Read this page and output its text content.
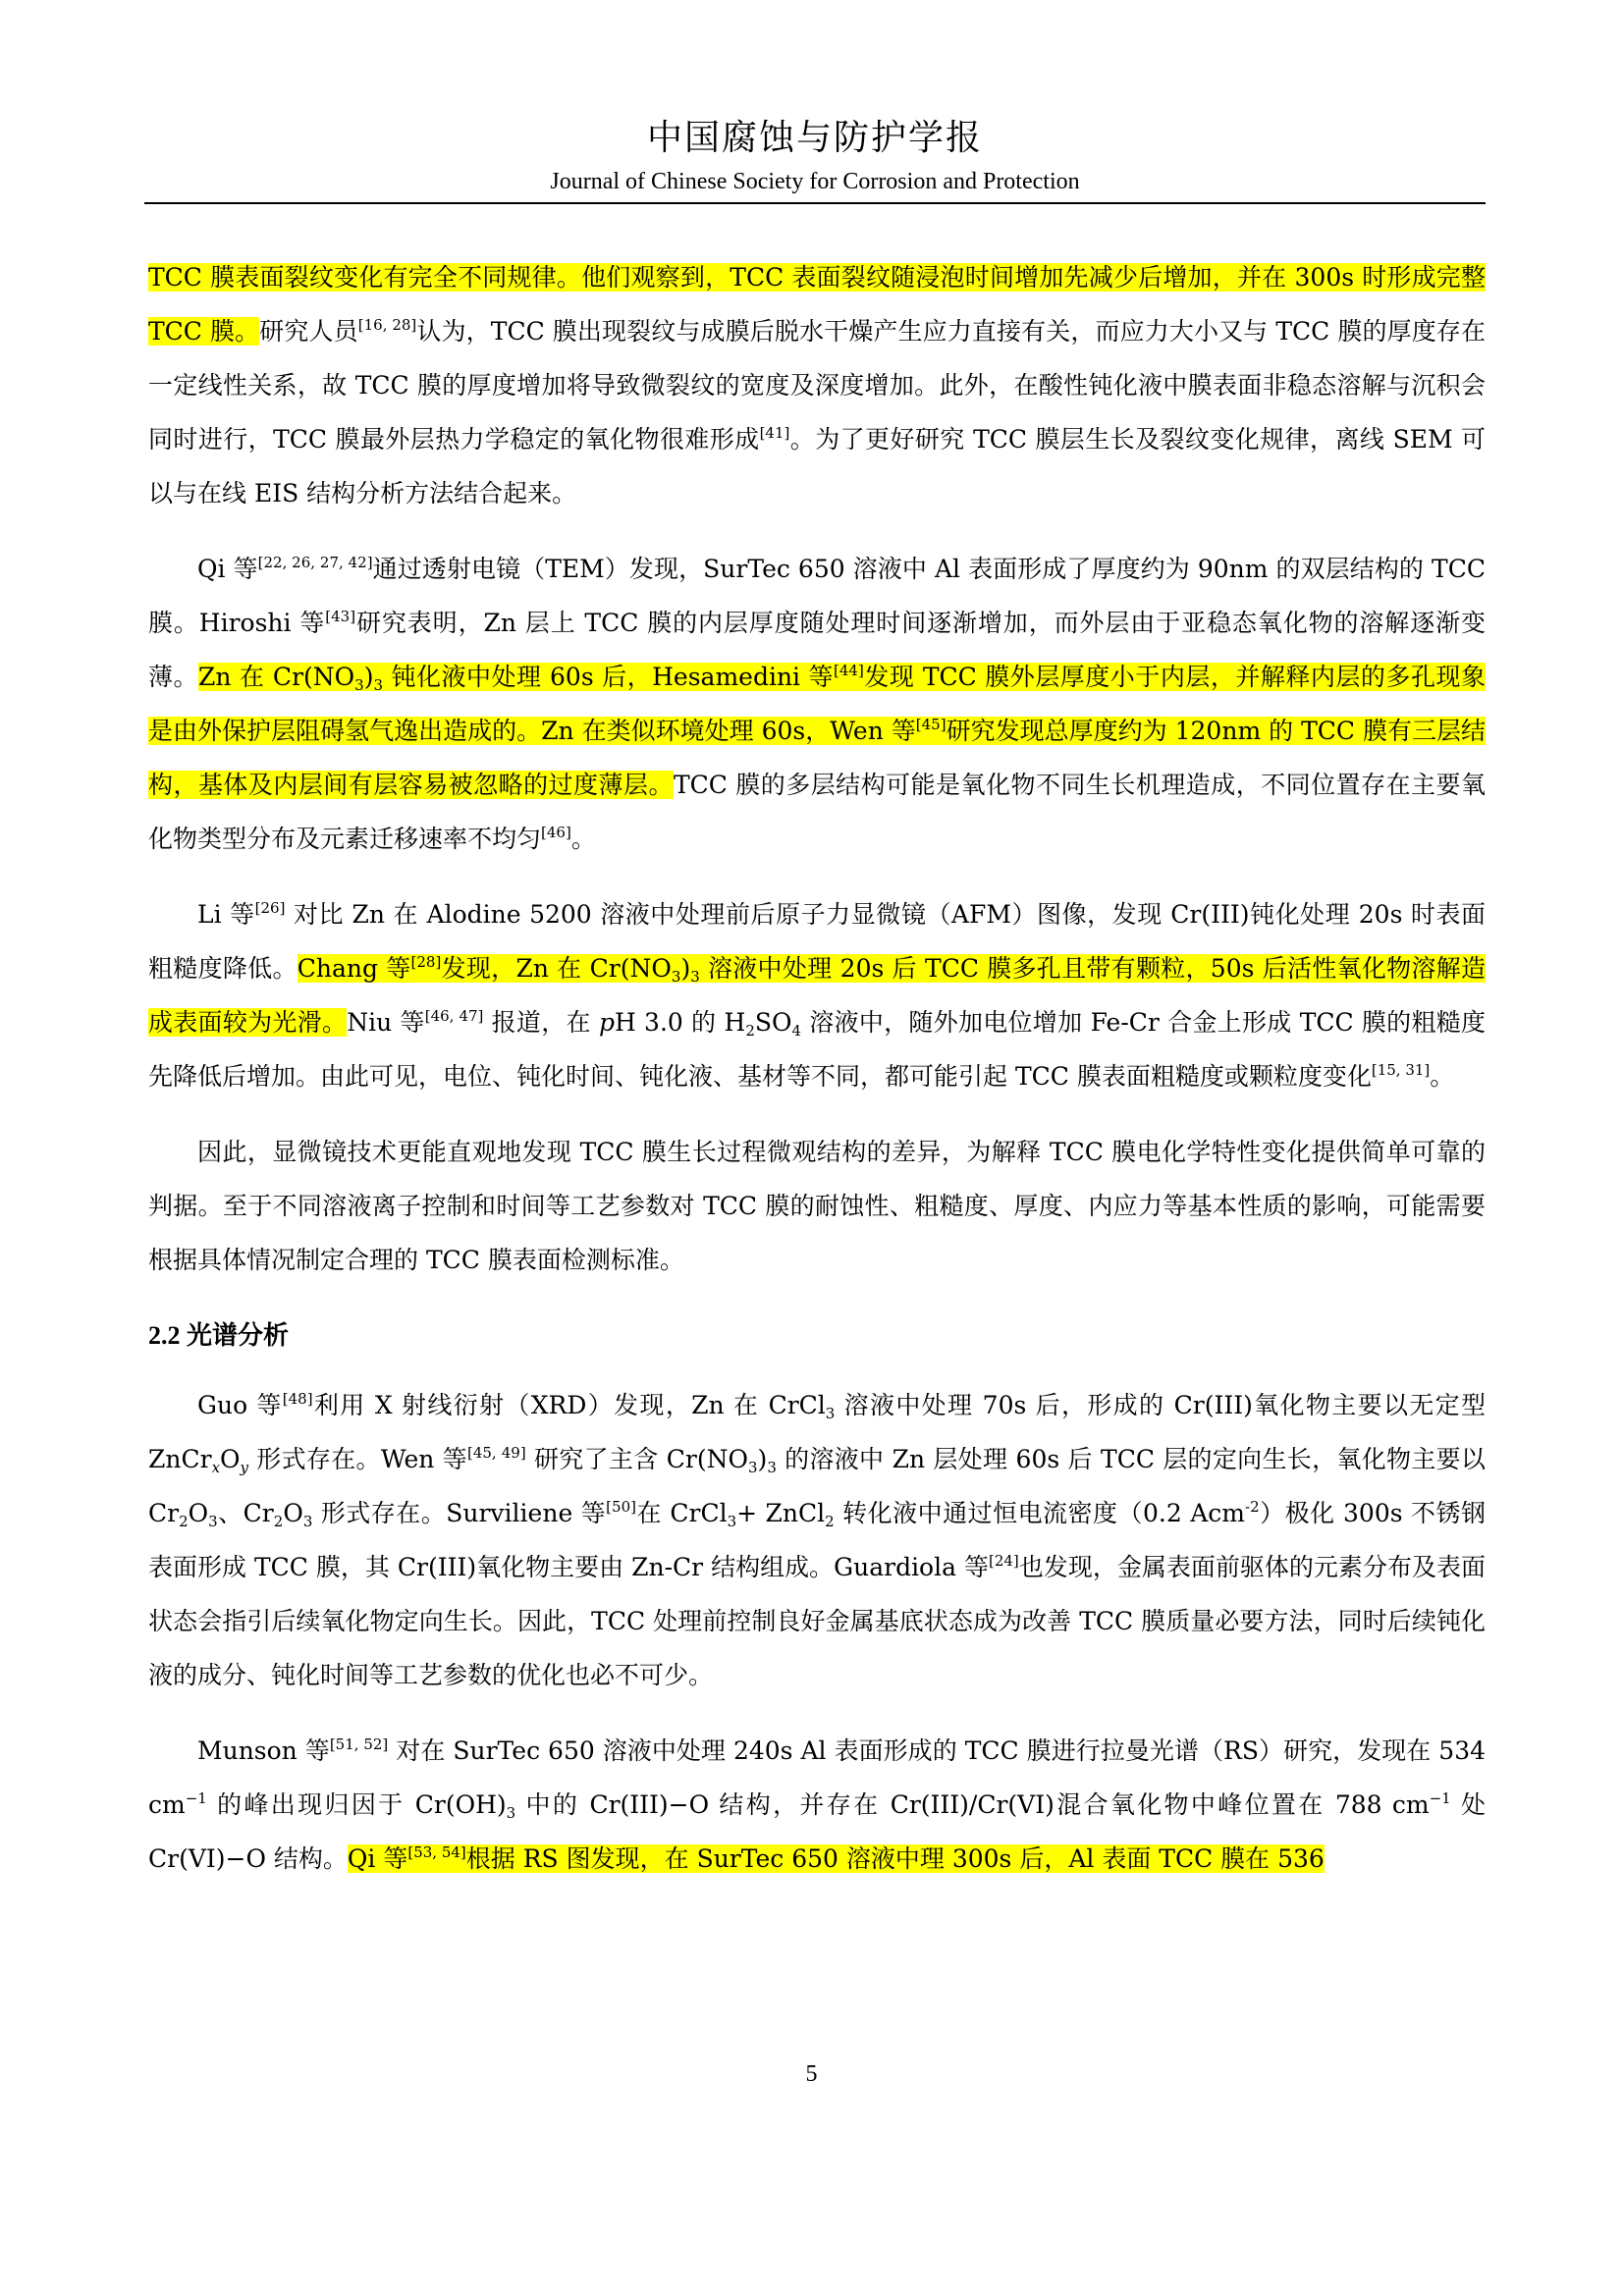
中国腐蚀与防护学报
Journal of Chinese Society for Corrosion and Protection

TCC 膜表面裂纹变化有完全不同规律。他们观察到，TCC 表面裂纹随浸泡时间增加先减少后增加，并在 300s 时形成完整 TCC 膜。研究人员[16, 28]认为，TCC 膜出现裂纹与成膜后脱水干燥产生应力直接有关，而应力大小又与 TCC 膜的厚度存在一定线性关系，故 TCC 膜的厚度增加将导致微裂纹的宽度及深度增加。此外，在酸性钝化液中膜表面非稳态溶解与沉积会同时进行，TCC 膜最外层热力学稳定的氧化物很难形成[41]。为了更好研究 TCC 膜层生长及裂纹变化规律，离线 SEM 可以与在线 EIS 结构分析方法结合起来。

Qi 等[22, 26, 27, 42]通过透射电镜（TEM）发现，SurTec 650 溶液中 Al 表面形成了厚度约为 90nm 的双层结构的 TCC 膜。Hiroshi 等[43]研究表明，Zn 层上 TCC 膜的内层厚度随处理时间逐渐增加，而外层由于亚稳态氧化物的溶解逐渐变薄。Zn 在 $Cr(NO_3)_3$ 钝化液中处理 60s 后，Hesamedini 等[44]发现 TCC 膜外层厚度小于内层，并解释内层的多孔现象是由外保护层阻碍氢气逸出造成的。Zn 在类似环境处理 60s，Wen 等[45]研究发现总厚度约为 120nm 的 TCC 膜有三层结构，基体及内层间有层容易被忽略的过度薄层。TCC 膜的多层结构可能是氧化物不同生长机理造成，不同位置存在主要氧化物类型分布及元素迁移速率不均匀[46]。

Li 等[26] 对比 Zn 在 Alodine 5200 溶液中处理前后原子力显微镜（AFM）图像，发现 Cr(III)钝化处理 20s 时表面粗糙度降低。Chang 等[28]发现，Zn 在 $Cr(NO_3)_3$ 溶液中处理 20s 后 TCC 膜多孔且带有颗粒，50s 后活性氧化物溶解造成表面较为光滑。Niu 等[46, 47] 报道，在 pH 3.0 的 $H_2SO_4$ 溶液中，随外加电位增加 Fe-Cr 合金上形成 TCC 膜的粗糙度先降低后增加。由此可见，电位、钝化时间、钝化液、基材等不同，都可能引起 TCC 膜表面粗糙度或颗粒度变化[15, 31]。

因此，显微镜技术更能直观地发现 TCC 膜生长过程微观结构的差异，为解释 TCC 膜电化学特性变化提供简单可靠的判据。至于不同溶液离子控制和时间等工艺参数对 TCC 膜的耐蚀性、粗糙度、厚度、内应力等基本性质的影响，可能需要根据具体情况制定合理的 TCC 膜表面检测标准。

2.2 光谱分析

Guo 等[48]利用 X 射线衍射（XRD）发现，Zn 在 CrCl$_3$ 溶液中处理 70s 后，形成的 Cr(III)氧化物主要以无定型 $ZnCr_xO_y$ 形式存在。Wen 等[45, 49] 研究了主含 $Cr(NO_3)_3$ 的溶液中 Zn 层处理 60s 后 TCC 层的定向生长，氧化物主要以 $Cr_2O_3$、$Cr_2O_3$ 形式存在。Surviliene 等[50]在 CrCl$_3$+ ZnCl$_2$ 转化液中通过恒电流密度（0.2 Acm$^{-2}$）极化 300s 不锈钢表面形成 TCC 膜，其 Cr(III)氧化物主要由 Zn-Cr 结构组成。Guardiola 等[24]也发现，金属表面前驱体的元素分布及表面状态会指引后续氧化物定向生长。因此，TCC 处理前控制良好金属基底状态成为改善 TCC 膜质量必要方法，同时后续钝化液的成分、钝化时间等工艺参数的优化也必不可少。

Munson 等[51, 52] 对在 SurTec 650 溶液中处理 240s Al 表面形成的 TCC 膜进行拉曼光谱（RS）研究，发现在 534 $cm^{-1}$ 的峰出现归因于 $Cr(OH)_3$ 中的 Cr(III)−O 结构，并存在 Cr(III)/Cr(VI)混合氧化物中峰位置在 788 $cm^{-1}$ 处 Cr(VI)−O 结构。Qi 等[53, 54]根据 RS 图发现，在 SurTec 650 溶液中理 300s 后，Al 表面 TCC 膜在 536

5
